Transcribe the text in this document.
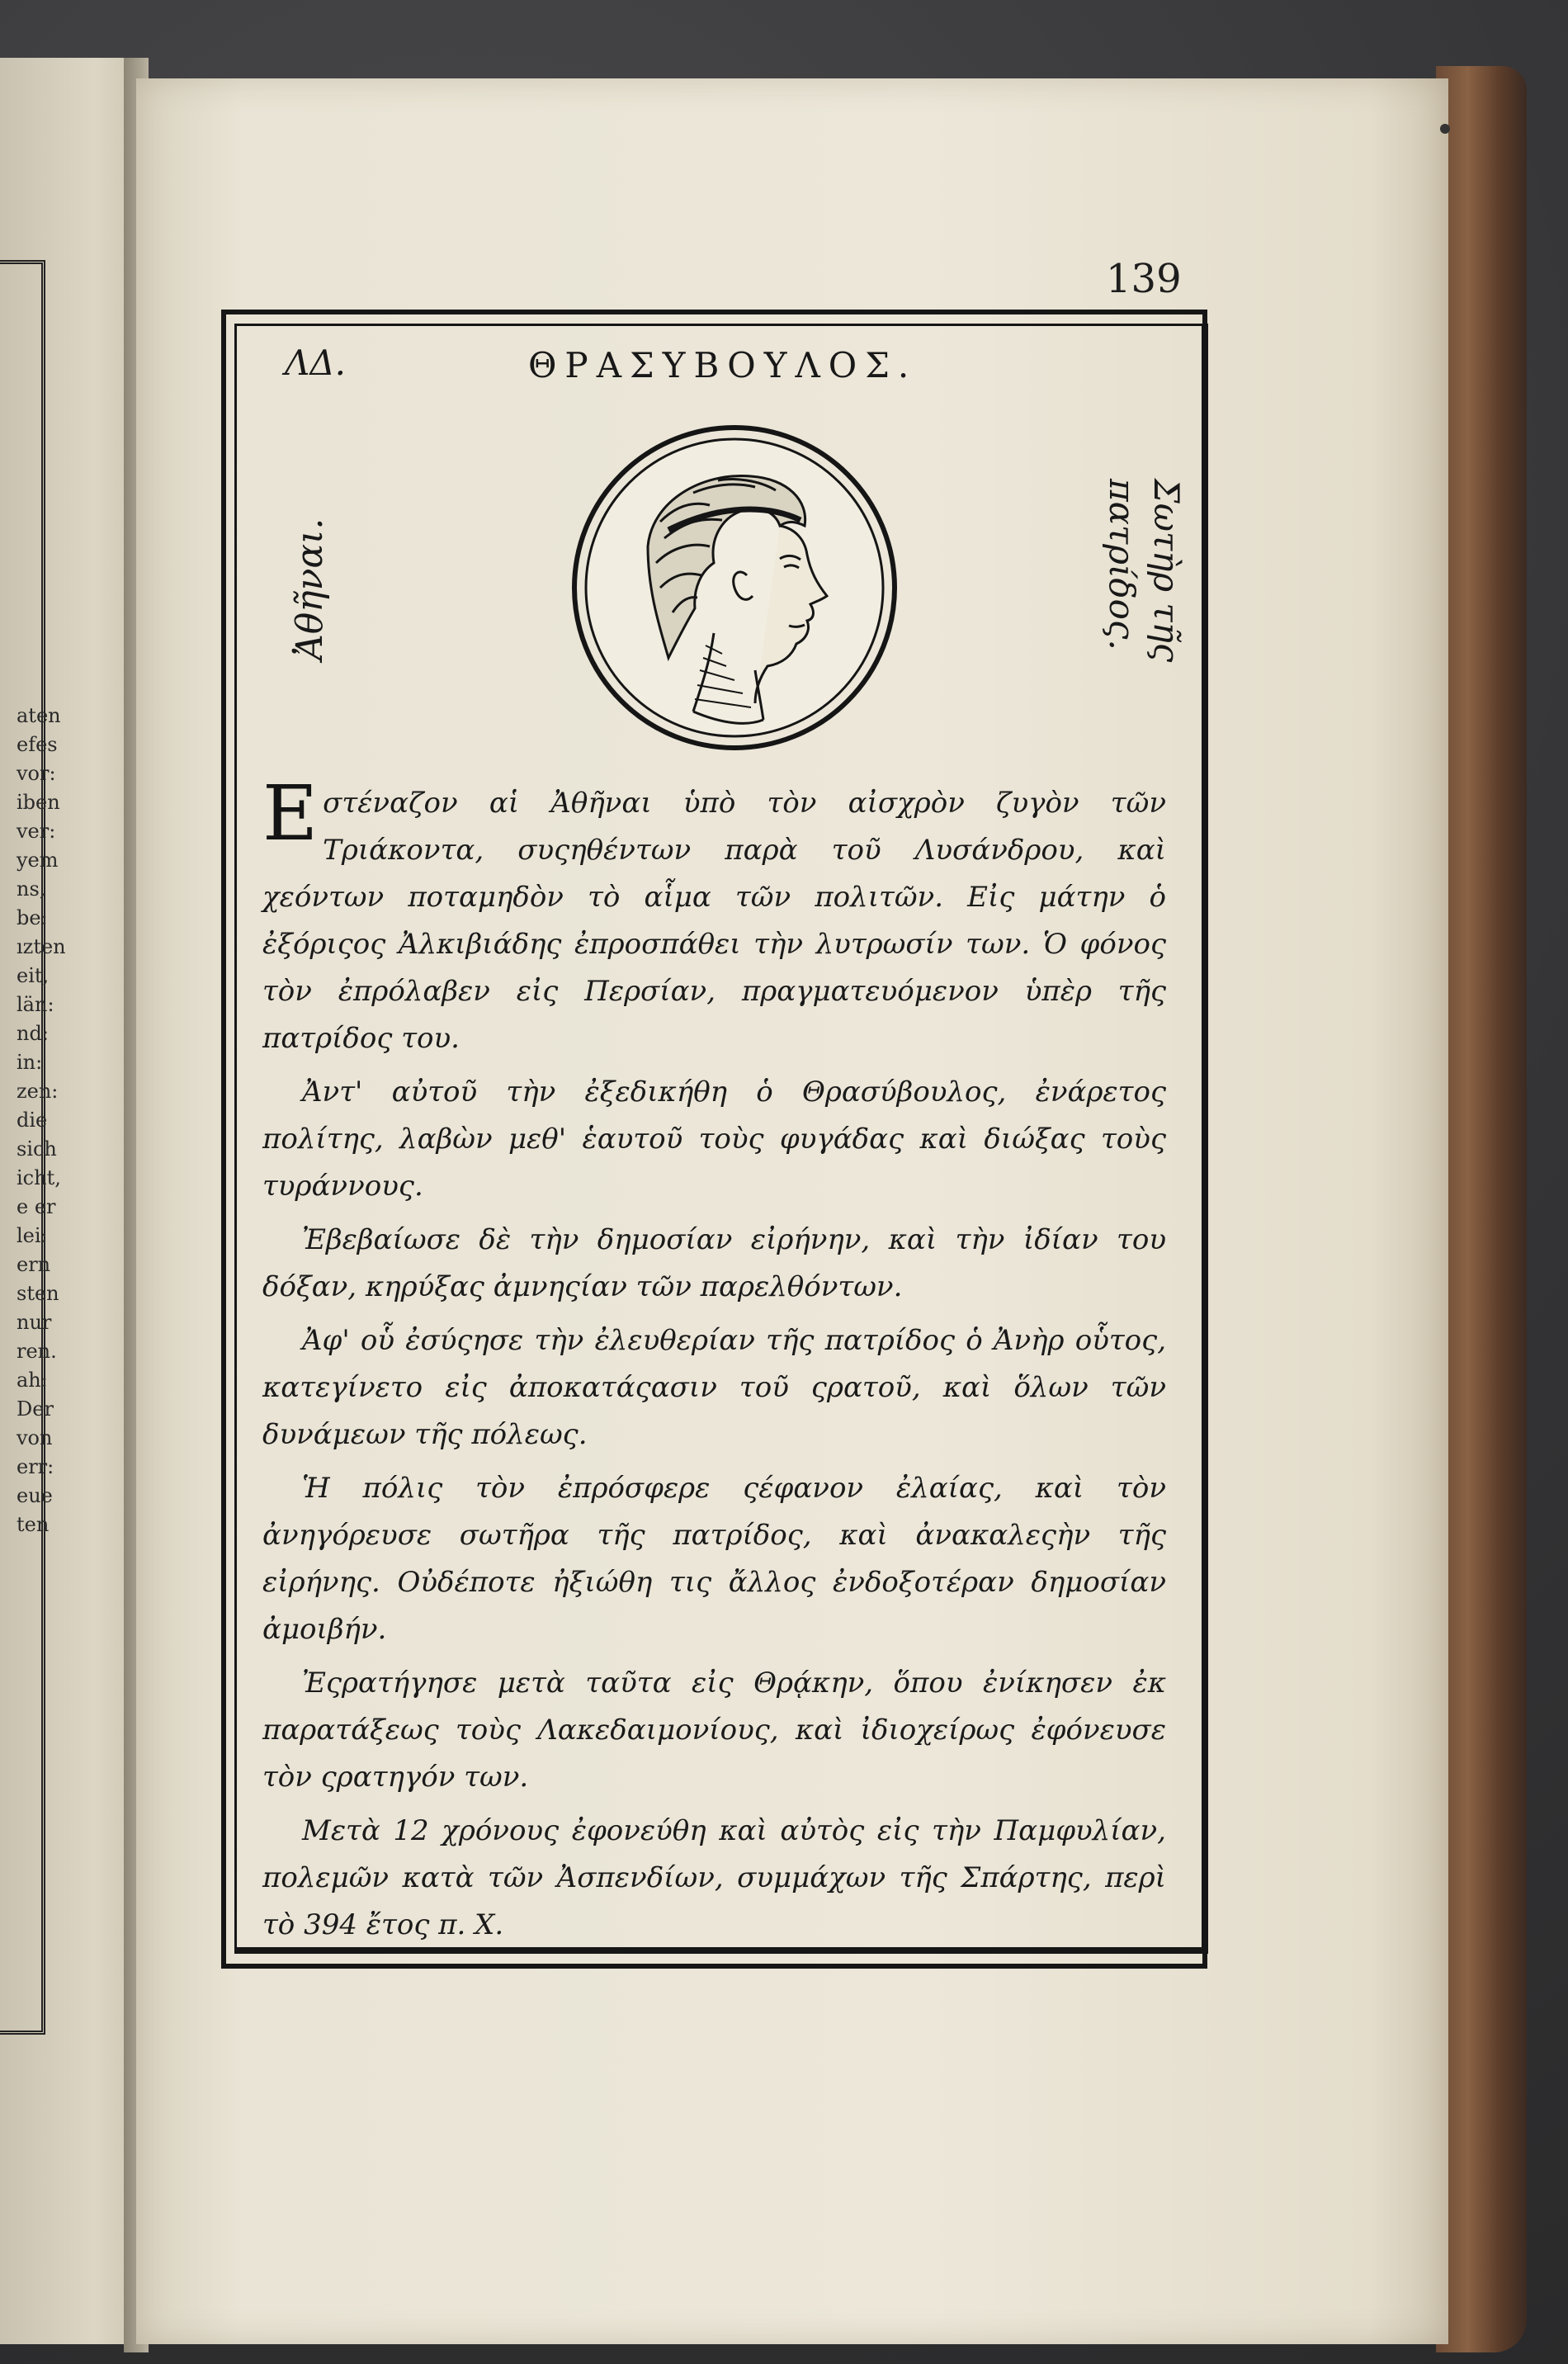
aten
efes
vor:
iben
ver:
yem
ns,
be:
ızten
eit,
län:
nd:
in:
zen:
die
sich
icht,
e er
lei:
ern
sten
nur
ren.
ah:
Der
von
err:
eue
ten
139
ΛΔ.	ΘΡΑΣΥΒΟΥΛΟΣ.
Ἀθῆναι.	Σωτὴρ τῆς
πατρίδος.

Ε στέναζον αἱ Ἀθῆναι ὑπὸ τὸν αἰσχρὸν ζυγὸν τῶν Τριάκοντα, συςηθέντων παρὰ τοῦ Λυσάνδρου, καὶ χεόντων ποταμηδὸν τὸ αἷμα τῶν πολιτῶν. Εἰς μάτην ὁ ἐξόριςος Ἀλκιβιάδης ἐπροσπάθει τὴν λυτρωσίν των. Ὁ φόνος τὸν ἐπρόλαβεν εἰς Περσίαν, πραγματευόμενον ὑπὲρ τῆς πατρίδος του.

Ἀντ' αὐτοῦ τὴν ἐξεδικήθη ὁ Θρασύβουλος, ἐνάρετος πολίτης, λαβὼν μεθ' ἑαυτοῦ τοὺς φυγάδας καὶ διώξας τοὺς τυράννους.

Ἐβεβαίωσε δὲ τὴν δημοσίαν εἰρήνην, καὶ τὴν ἰδίαν του δόξαν, κηρύξας ἀμνηςίαν τῶν παρελθόντων.

Ἀφ' οὗ ἐσύςησε τὴν ἐλευθερίαν τῆς πατρίδος ὁ Ἀνὴρ οὗτος, κατεγίνετο εἰς ἀποκατάςασιν τοῦ ςρατοῦ, καὶ ὅλων τῶν δυνάμεων τῆς πόλεως.

Ἡ πόλις τὸν ἐπρόσφερε ςέφανον ἐλαίας, καὶ τὸν ἀνηγόρευσε σωτῆρα τῆς πατρίδος, καὶ ἀνακαλεςὴν τῆς εἰρήνης. Οὐδέποτε ἠξιώθη τις ἄλλος ἐνδοξοτέραν δημοσίαν ἀμοιβήν.

Ἐςρατήγησε μετὰ ταῦτα εἰς Θρᾴκην, ὅπου ἐνίκησεν ἐκ παρατάξεως τοὺς Λακεδαιμονίους, καὶ ἰδιοχείρως ἐφόνευσε τὸν ςρατηγόν των.

Μετὰ 12 χρόνους ἐφονεύθη καὶ αὐτὸς εἰς τὴν Παμφυλίαν, πολεμῶν κατὰ τῶν Ἀσπενδίων, συμμάχων τῆς Σπάρτης, περὶ τὸ 394 ἔτος π. Χ.
